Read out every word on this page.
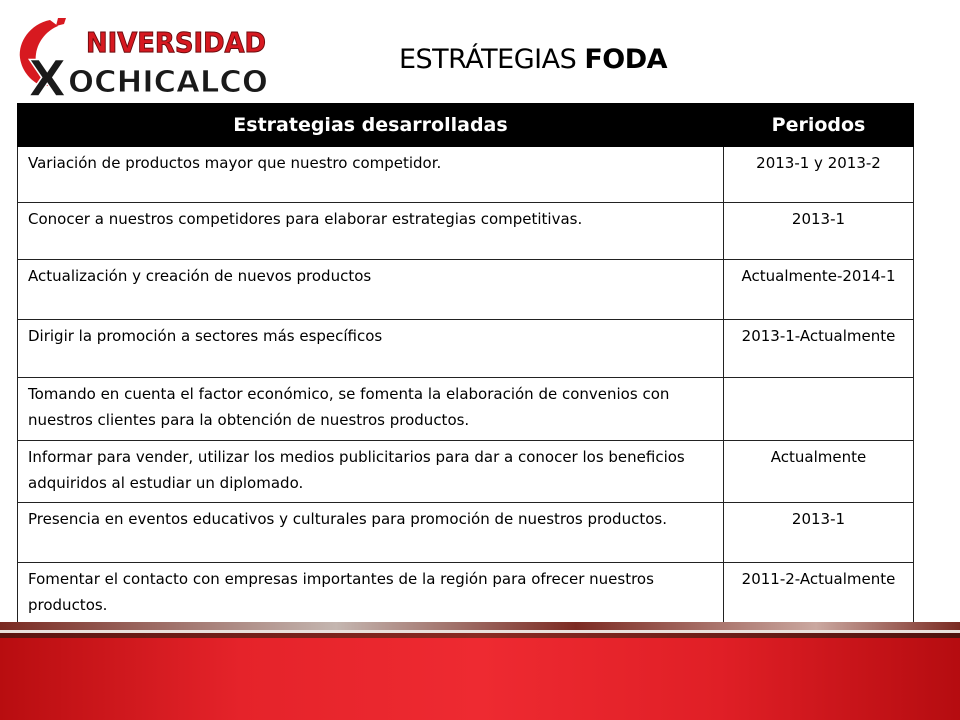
NIVERSIDAD
X OCHICALCO
ESTRÁTEGIAS FODA
Estrategias desarrolladas	Periodos
Variación de productos mayor que nuestro competidor.	2013-1 y 2013-2
Conocer a nuestros competidores para elaborar estrategias competitivas.	2013-1
Actualización y creación de nuevos productos	Actualmente-2014-1
Dirigir la promoción a sectores más específicos	2013-1-Actualmente
Tomando en cuenta el factor económico, se fomenta la elaboración de convenios con nuestros clientes para la obtención de nuestros productos.	
Informar para vender, utilizar los medios publicitarios para dar a conocer los beneficios adquiridos al estudiar un diplomado.	Actualmente
Presencia en eventos educativos y culturales para promoción de nuestros productos.	2013-1
Fomentar el contacto con empresas importantes de la región para ofrecer nuestros productos.	2011-2-Actualmente
